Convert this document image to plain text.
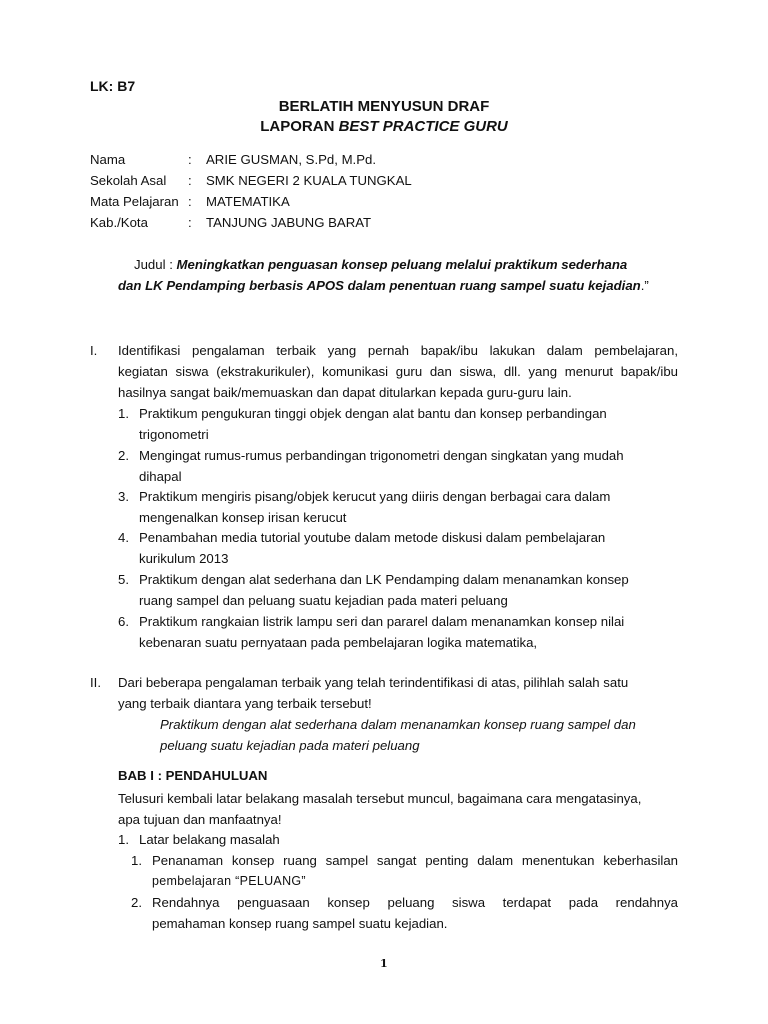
LK: B7
BERLATIH MENYUSUN DRAF
LAPORAN BEST PRACTICE GURU
Nama	: ARIE GUSMAN, S.Pd, M.Pd.
Sekolah Asal : SMK NEGERI 2 KUALA TUNGKAL
Mata Pelajaran : MATEMATIKA
Kab./Kota	: TANJUNG JABUNG BARAT
Judul : Meningkatkan penguasan konsep peluang melalui praktikum sederhana
dan LK Pendamping berbasis APOS dalam penentuan ruang sampel suatu kejadian.”
I. Identifikasi pengalaman terbaik yang pernah bapak/ibu lakukan dalam pembelajaran,
kegiatan siswa (ekstrakurikuler), komunikasi guru dan siswa, dll. yang menurut bapak/ibu
hasilnya sangat baik/memuaskan dan dapat ditularkan kepada guru-guru lain.
1. Praktikum pengukuran tinggi objek dengan alat bantu dan konsep perbandingan
trigonometri
2. Mengingat rumus-rumus perbandingan trigonometri dengan singkatan yang mudah
dihapal
3. Praktikum mengiris pisang/objek kerucut yang diiris dengan berbagai cara dalam
mengenalkan konsep irisan kerucut
4. Penambahan media tutorial youtube dalam metode diskusi dalam pembelajaran
kurikulum 2013
5. Praktikum dengan alat sederhana dan LK Pendamping dalam menanamkan konsep
ruang sampel dan peluang suatu kejadian pada materi peluang
6. Praktikum rangkaian listrik lampu seri dan pararel dalam menanamkan konsep nilai
kebenaran suatu pernyataan pada pembelajaran logika matematika,
II. Dari beberapa pengalaman terbaik yang telah terindentifikasi di atas, pilihlah salah satu
yang terbaik diantara yang terbaik tersebut!
Praktikum dengan alat sederhana dalam menanamkan konsep ruang sampel dan
peluang suatu kejadian pada materi peluang
BAB I : PENDAHULUAN
Telusuri kembali latar belakang masalah tersebut muncul, bagaimana cara mengatasinya,
apa tujuan dan manfaatnya!
1. Latar belakang masalah
1. Penanaman konsep ruang sampel sangat penting dalam menentukan keberhasilan
pembelajaran “PELUANG”
2. Rendahnya penguasaan konsep peluang siswa terdapat pada rendahnya
pemahaman konsep ruang sampel suatu kejadian.
1
